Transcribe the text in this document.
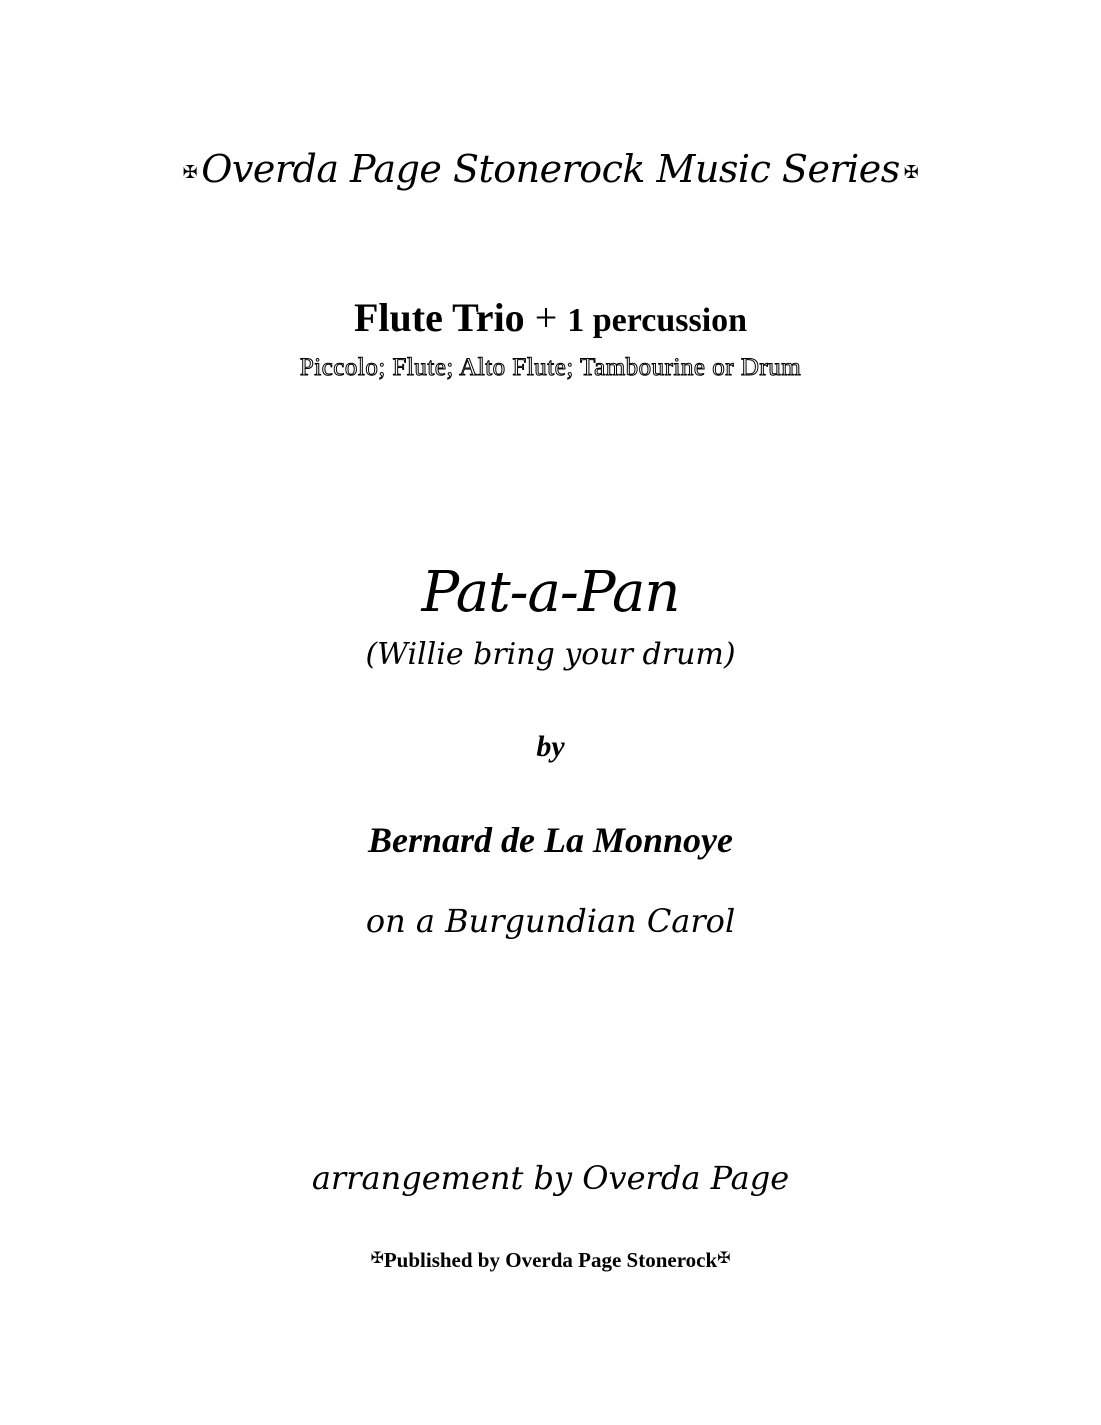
✠ Overda Page Stonerock Music Series ✠
Flute Trio + 1 percussion
Piccolo; Flute; Alto Flute; Tambourine or Drum
Pat-a-Pan
(Willie bring your drum)
by
Bernard de La Monnoye
on a Burgundian Carol
arrangement by Overda Page
✠Published by Overda Page Stonerock✠
